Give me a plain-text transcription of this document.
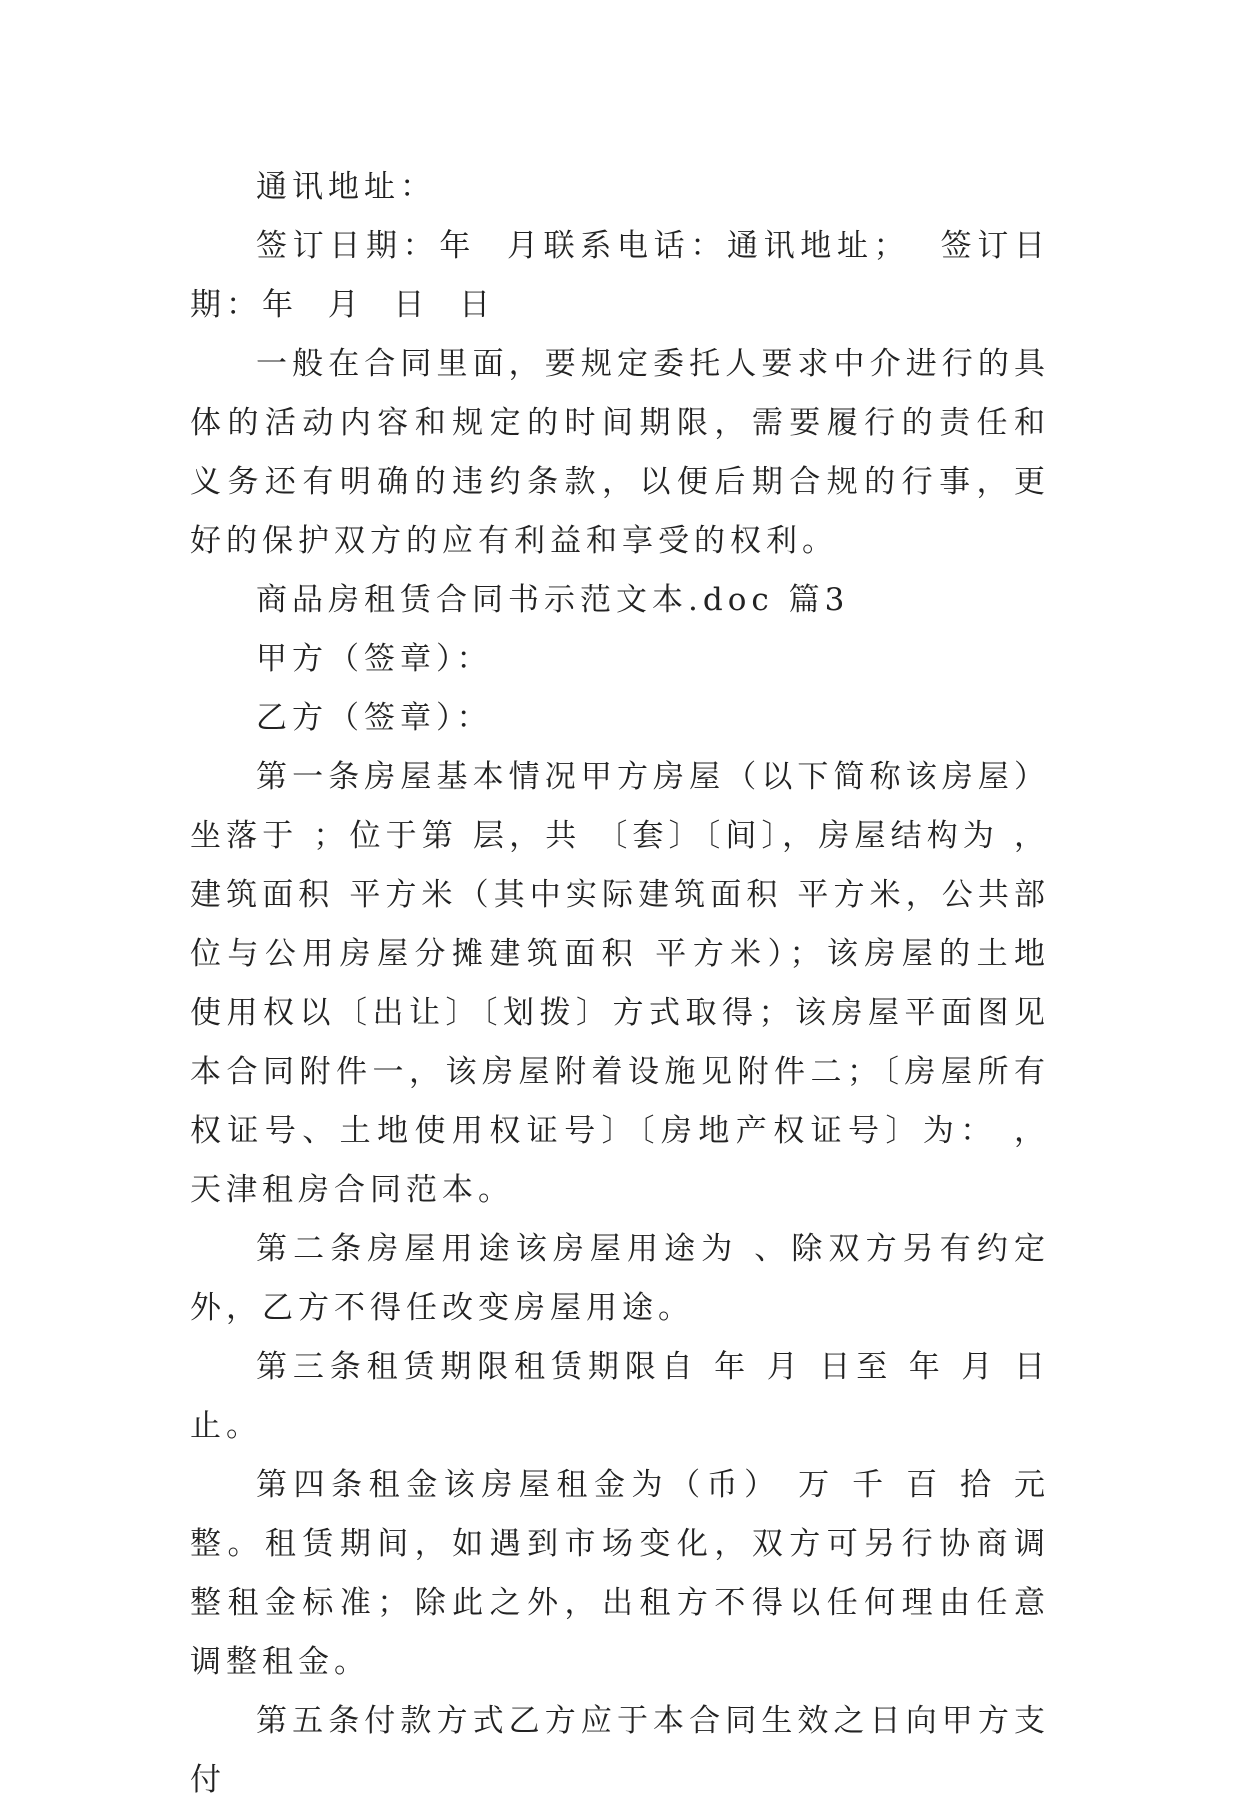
通讯地址：

签订日期：年  月联系电话：通讯地址；  签订日期：年  月  日  日

一般在合同里面，要规定委托人要求中介进行的具体的活动内容和规定的时间期限，需要履行的责任和义务还有明确的违约条款，以便后期合规的行事，更好的保护双方的应有利益和享受的权利。

商品房租赁合同书示范文本.doc 篇3

甲方（签章）：

乙方（签章）：

第一条房屋基本情况甲方房屋（以下简称该房屋）坐落于 ；位于第 层，共 〔套〕〔间〕，房屋结构为 ，建筑面积 平方米（其中实际建筑面积 平方米，公共部位与公用房屋分摊建筑面积 平方米）；该房屋的土地使用权以〔出让〕〔划拨〕方式取得；该房屋平面图见本合同附件一，该房屋附着设施见附件二；〔房屋所有权证号、土地使用权证号〕〔房地产权证号〕为： ，天津租房合同范本。

第二条房屋用途该房屋用途为 、除双方另有约定外，乙方不得任改变房屋用途。

第三条租赁期限租赁期限自 年 月 日至 年 月 日止。

第四条租金该房屋租金为（币） 万 千 百 拾 元整。租赁期间，如遇到市场变化，双方可另行协商调整租金标准；除此之外，出租方不得以任何理由任意调整租金。

第五条付款方式乙方应于本合同生效之日向甲方支付
